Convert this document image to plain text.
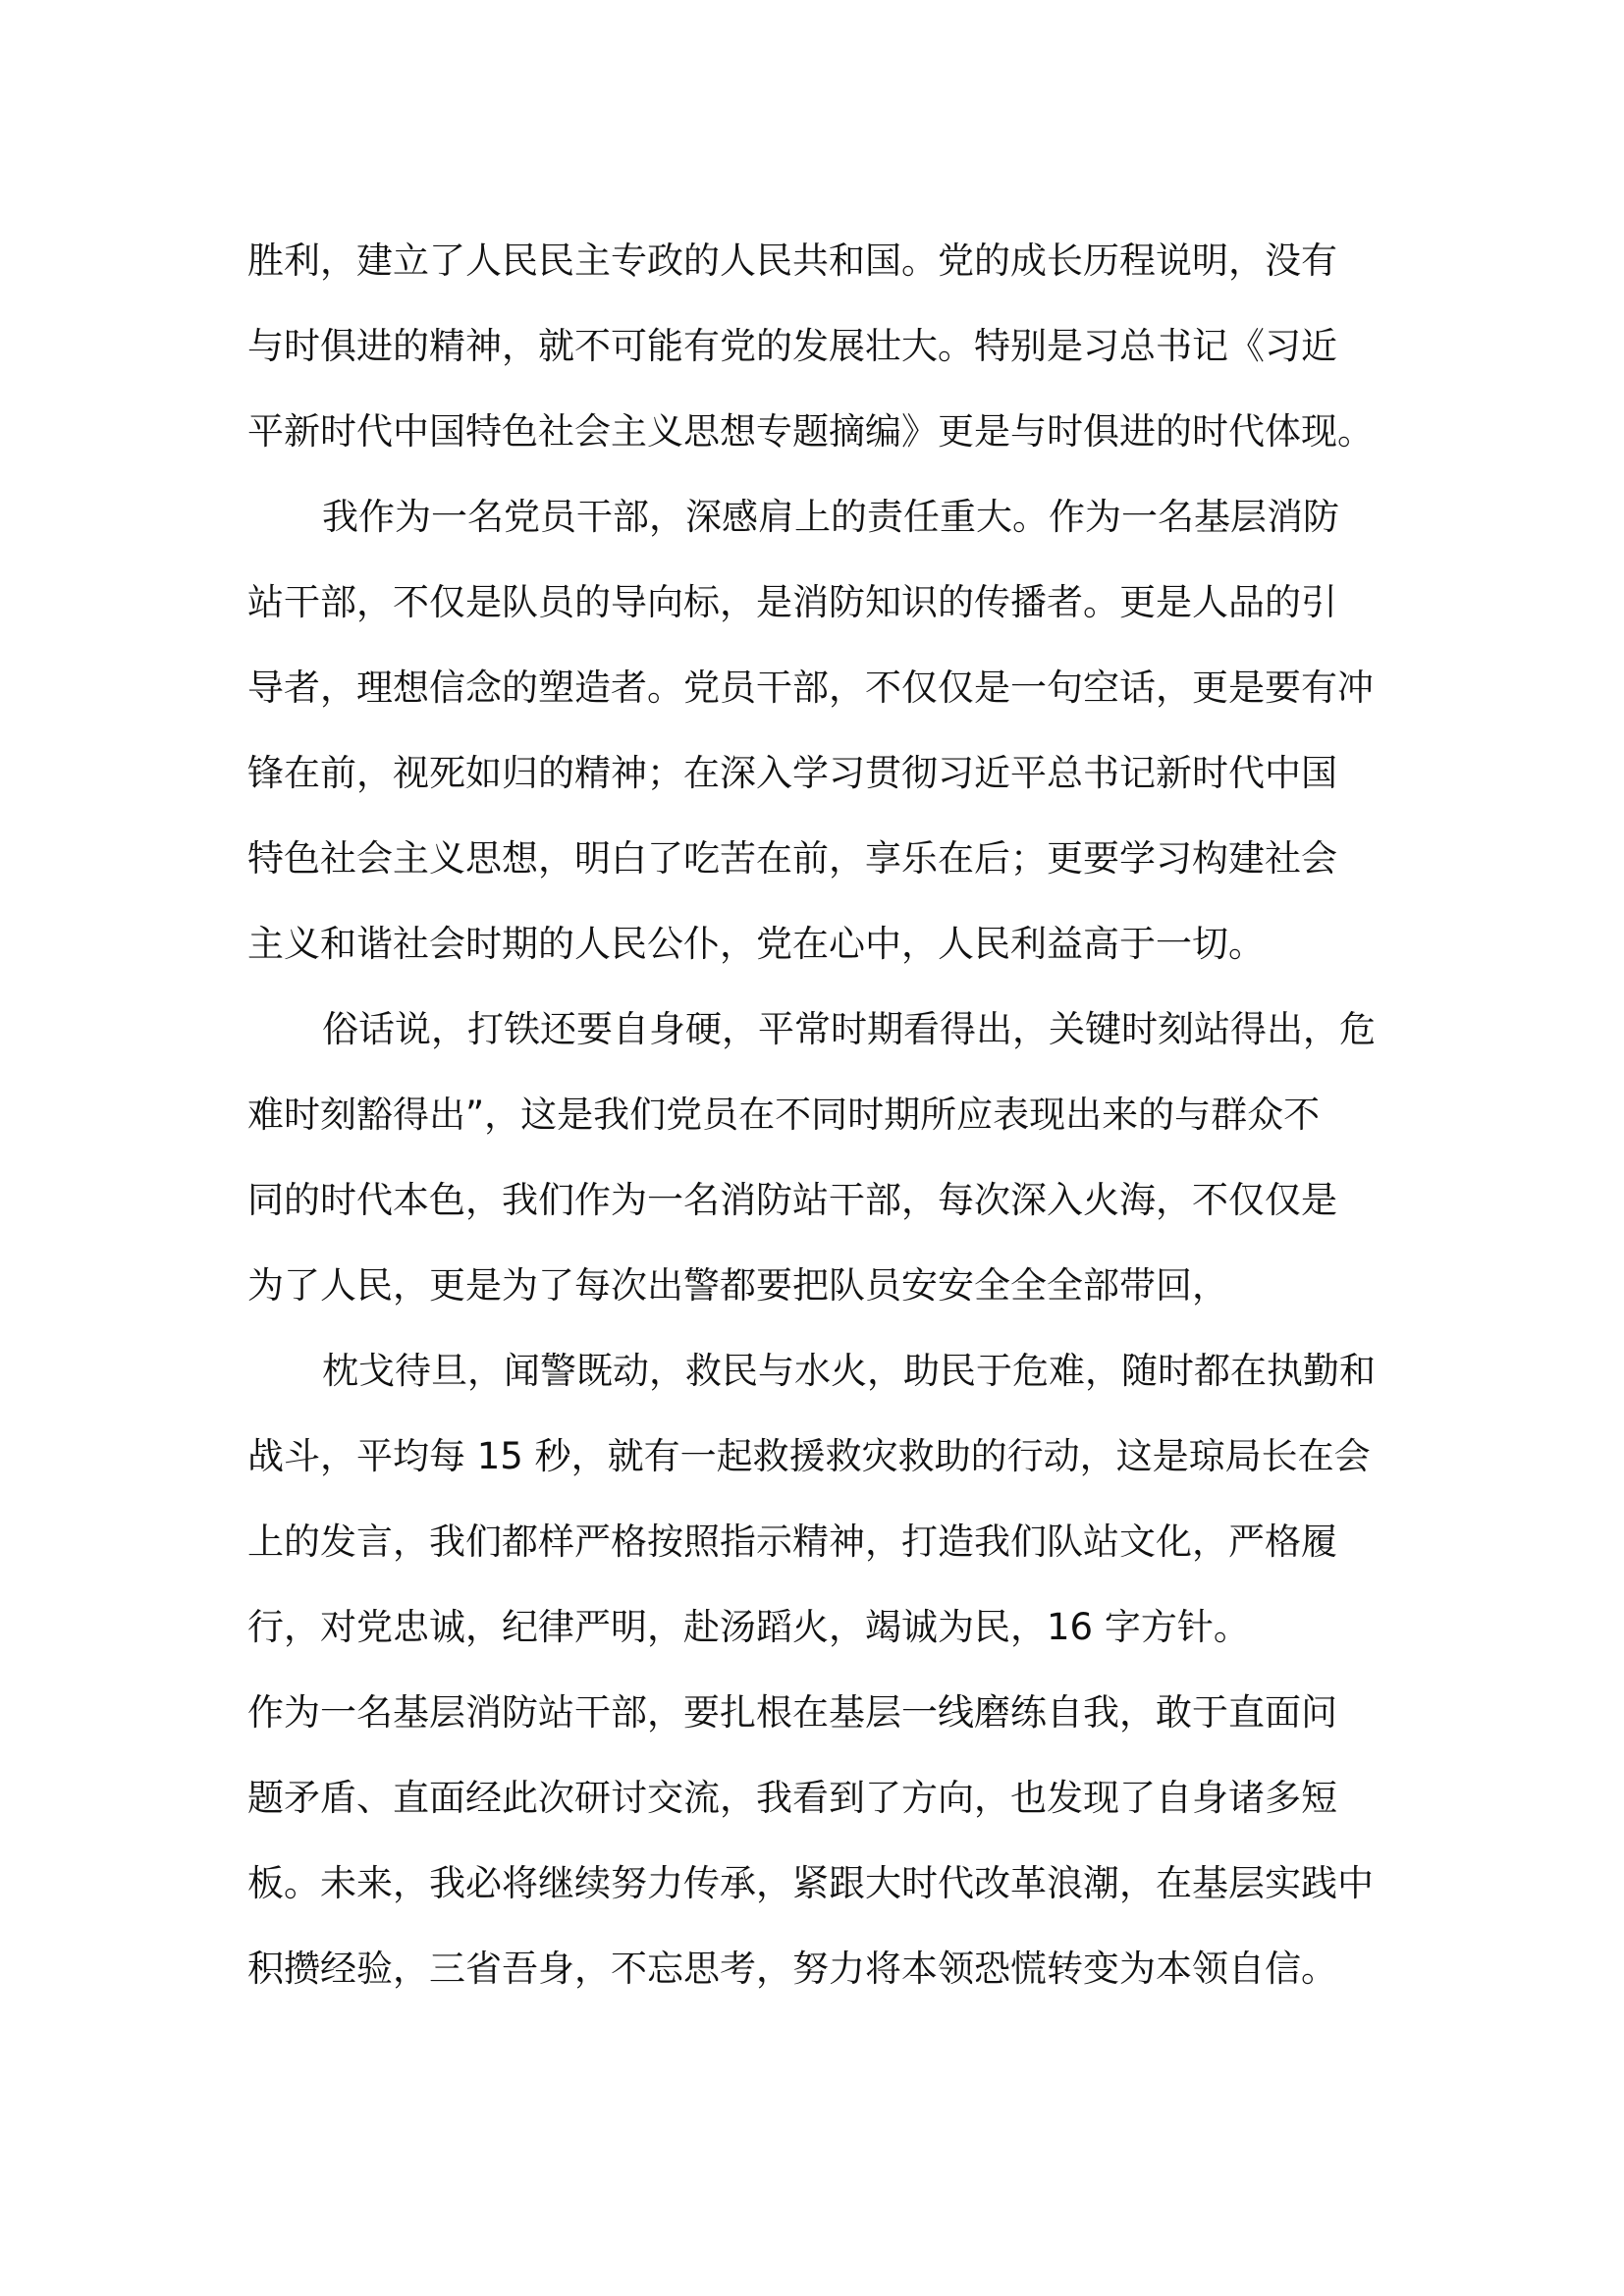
胜利，建立了人民民主专政的人民共和国。党的成长历程说明，没有
与时俱进的精神，就不可能有党的发展壮大。特别是习总书记《习近
平新时代中国特色社会主义思想专题摘编》更是与时俱进的时代体现。
我作为一名党员干部，深感肩上的责任重大。作为一名基层消防
站干部，不仅是队员的导向标，是消防知识的传播者。更是人品的引
导者，理想信念的塑造者。党员干部，不仅仅是一句空话，更是要有冲
锋在前，视死如归的精神；在深入学习贯彻习近平总书记新时代中国
特色社会主义思想，明白了吃苦在前，享乐在后；更要学习构建社会
主义和谐社会时期的人民公仆，党在心中，人民利益高于一切。
俗话说，打铁还要自身硬，平常时期看得出，关键时刻站得出，危
难时刻豁得出”，这是我们党员在不同时期所应表现出来的与群众不
同的时代本色，我们作为一名消防站干部，每次深入火海，不仅仅是
为了人民，更是为了每次出警都要把队员安安全全全部带回，
枕戈待旦，闻警既动，救民与水火，助民于危难，随时都在执勤和
战斗，平均每 15 秒，就有一起救援救灾救助的行动，这是琼局长在会
上的发言，我们都样严格按照指示精神，打造我们队站文化，严格履
行，对党忠诚，纪律严明，赴汤蹈火，竭诚为民，16 字方针。
作为一名基层消防站干部，要扎根在基层一线磨练自我，敢于直面问
题矛盾、直面经此次研讨交流，我看到了方向，也发现了自身诸多短
板。未来，我必将继续努力传承，紧跟大时代改革浪潮，在基层实践中
积攒经验，三省吾身，不忘思考，努力将本领恐慌转变为本领自信。
